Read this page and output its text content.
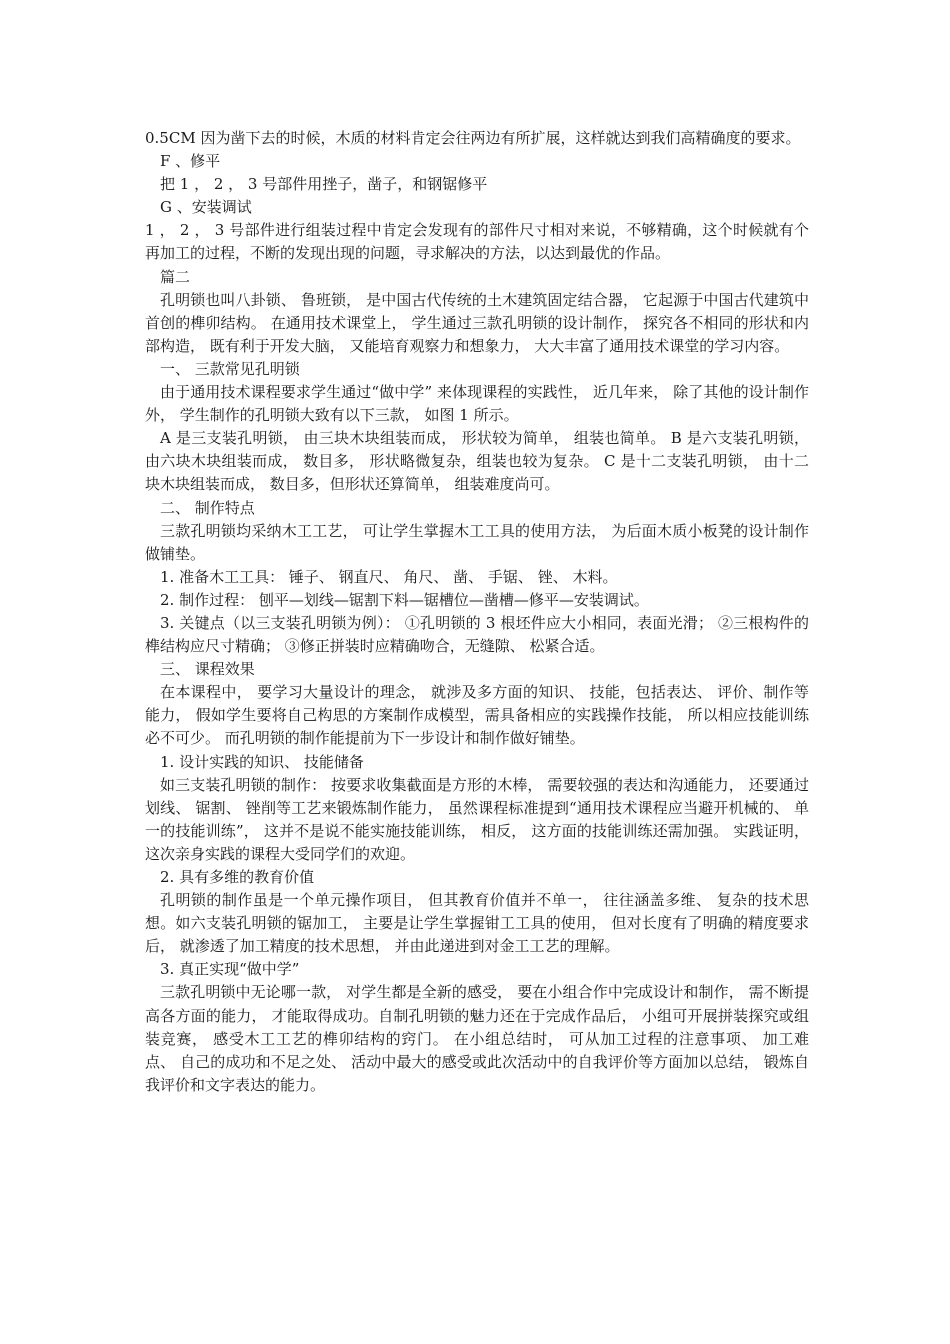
0.5CM 因为凿下去的时候，木质的材料肯定会往两边有所扩展，这样就达到我们高精确度的要求。

F 、修平

把 1 ， 2 ， 3 号部件用挫子，凿子，和钢锯修平

G 、安装调试

1 ， 2 ， 3 号部件进行组装过程中肯定会发现有的部件尺寸相对来说，不够精确，这个时候就有个再加工的过程，不断的发现出现的问题，寻求解决的方法，以达到最优的作品。

篇二

孔明锁也叫八卦锁、 鲁班锁， 是中国古代传统的土木建筑固定结合器， 它起源于中国古代建筑中首创的榫卯结构。 在通用技术课堂上， 学生通过三款孔明锁的设计制作， 探究各不相同的形状和内部构造， 既有利于开发大脑， 又能培育观察力和想象力， 大大丰富了通用技术课堂的学习内容。

一、 三款常见孔明锁

由于通用技术课程要求学生通过“做中学” 来体现课程的实践性， 近几年来， 除了其他的设计制作外， 学生制作的孔明锁大致有以下三款， 如图 1 所示。

A 是三支装孔明锁， 由三块木块组装而成， 形状较为简单， 组装也简单。 B 是六支装孔明锁， 由六块木块组装而成， 数目多， 形状略微复杂，组装也较为复杂。 C 是十二支装孔明锁， 由十二块木块组装而成， 数目多，但形状还算简单， 组装难度尚可。

二、 制作特点

三款孔明锁均采纳木工工艺， 可让学生掌握木工工具的使用方法， 为后面木质小板凳的设计制作做铺垫。

1. 准备木工工具： 锤子、 钢直尺、 角尺、 凿、 手锯、 锉、 木料。

2. 制作过程： 刨平—划线—锯割下料—锯槽位—凿槽—修平—安装调试。

3. 关键点（以三支装孔明锁为例）： ①孔明锁的 3 根坯件应大小相同，表面光滑； ②三根构件的榫结构应尺寸精确； ③修正拼装时应精确吻合，无缝隙、 松紧合适。

三、 课程效果

在本课程中， 要学习大量设计的理念， 就涉及多方面的知识、 技能，包括表达、 评价、制作等能力， 假如学生要将自己构思的方案制作成模型，需具备相应的实践操作技能， 所以相应技能训练必不可少。 而孔明锁的制作能提前为下一步设计和制作做好铺垫。

1. 设计实践的知识、 技能储备

如三支装孔明锁的制作： 按要求收集截面是方形的木棒， 需要较强的表达和沟通能力， 还要通过划线、 锯割、 锉削等工艺来锻炼制作能力， 虽然课程标准提到“通用技术课程应当避开机械的、 单一的技能训练”， 这并不是说不能实施技能训练， 相反， 这方面的技能训练还需加强。 实践证明， 这次亲身实践的课程大受同学们的欢迎。

2. 具有多维的教育价值

孔明锁的制作虽是一个单元操作项目， 但其教育价值并不单一， 往往涵盖多维、 复杂的技术思想。如六支装孔明锁的锯加工， 主要是让学生掌握钳工工具的使用， 但对长度有了明确的精度要求后， 就渗透了加工精度的技术思想， 并由此递进到对金工工艺的理解。

3. 真正实现“做中学”

三款孔明锁中无论哪一款， 对学生都是全新的感受， 要在小组合作中完成设计和制作， 需不断提高各方面的能力， 才能取得成功。自制孔明锁的魅力还在于完成作品后， 小组可开展拼装探究或组装竞赛， 感受木工工艺的榫卯结构的窍门。 在小组总结时， 可从加工过程的注意事项、 加工难点、 自己的成功和不足之处、 活动中最大的感受或此次活动中的自我评价等方面加以总结， 锻炼自我评价和文字表达的能力。
